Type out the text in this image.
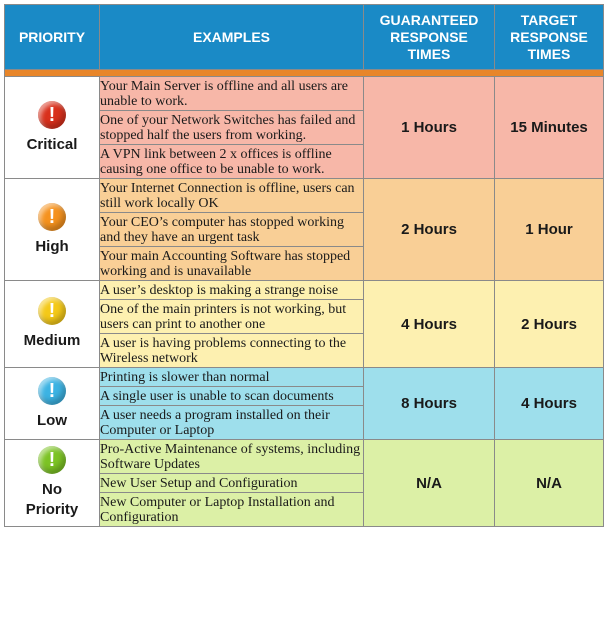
PRIORITY	EXAMPLES	GUARANTEED RESPONSE TIMES	TARGET RESPONSE TIMES

!
Critical	Your Main Server is offline and all users are unable to work.	1 Hours	15 Minutes
	One of your Network Switches has failed and stopped half the users from working.		
	A VPN link between 2 x offices is offline causing one office to be unable to work.		

!
High	Your Internet Connection is offline, users can still work locally OK	2 Hours	1 Hour
	Your CEO’s computer has stopped working and they have an urgent task		
	Your main Accounting Software has stopped working and is unavailable		

!
Medium	A user’s desktop is making a strange noise	4 Hours	2 Hours
	One of the main printers is not working, but users can print to another one		
	A user is having problems connecting to the Wireless network		

!
Low	Printing is slower than normal	8 Hours	4 Hours
	A single user is unable to scan documents		
	A user needs a program installed on their Computer or Laptop		

!
No Priority	Pro-Active Maintenance of systems, including Software Updates	N/A	N/A
	New User Setup and Configuration		
	New Computer or Laptop Installation and Configuration		
